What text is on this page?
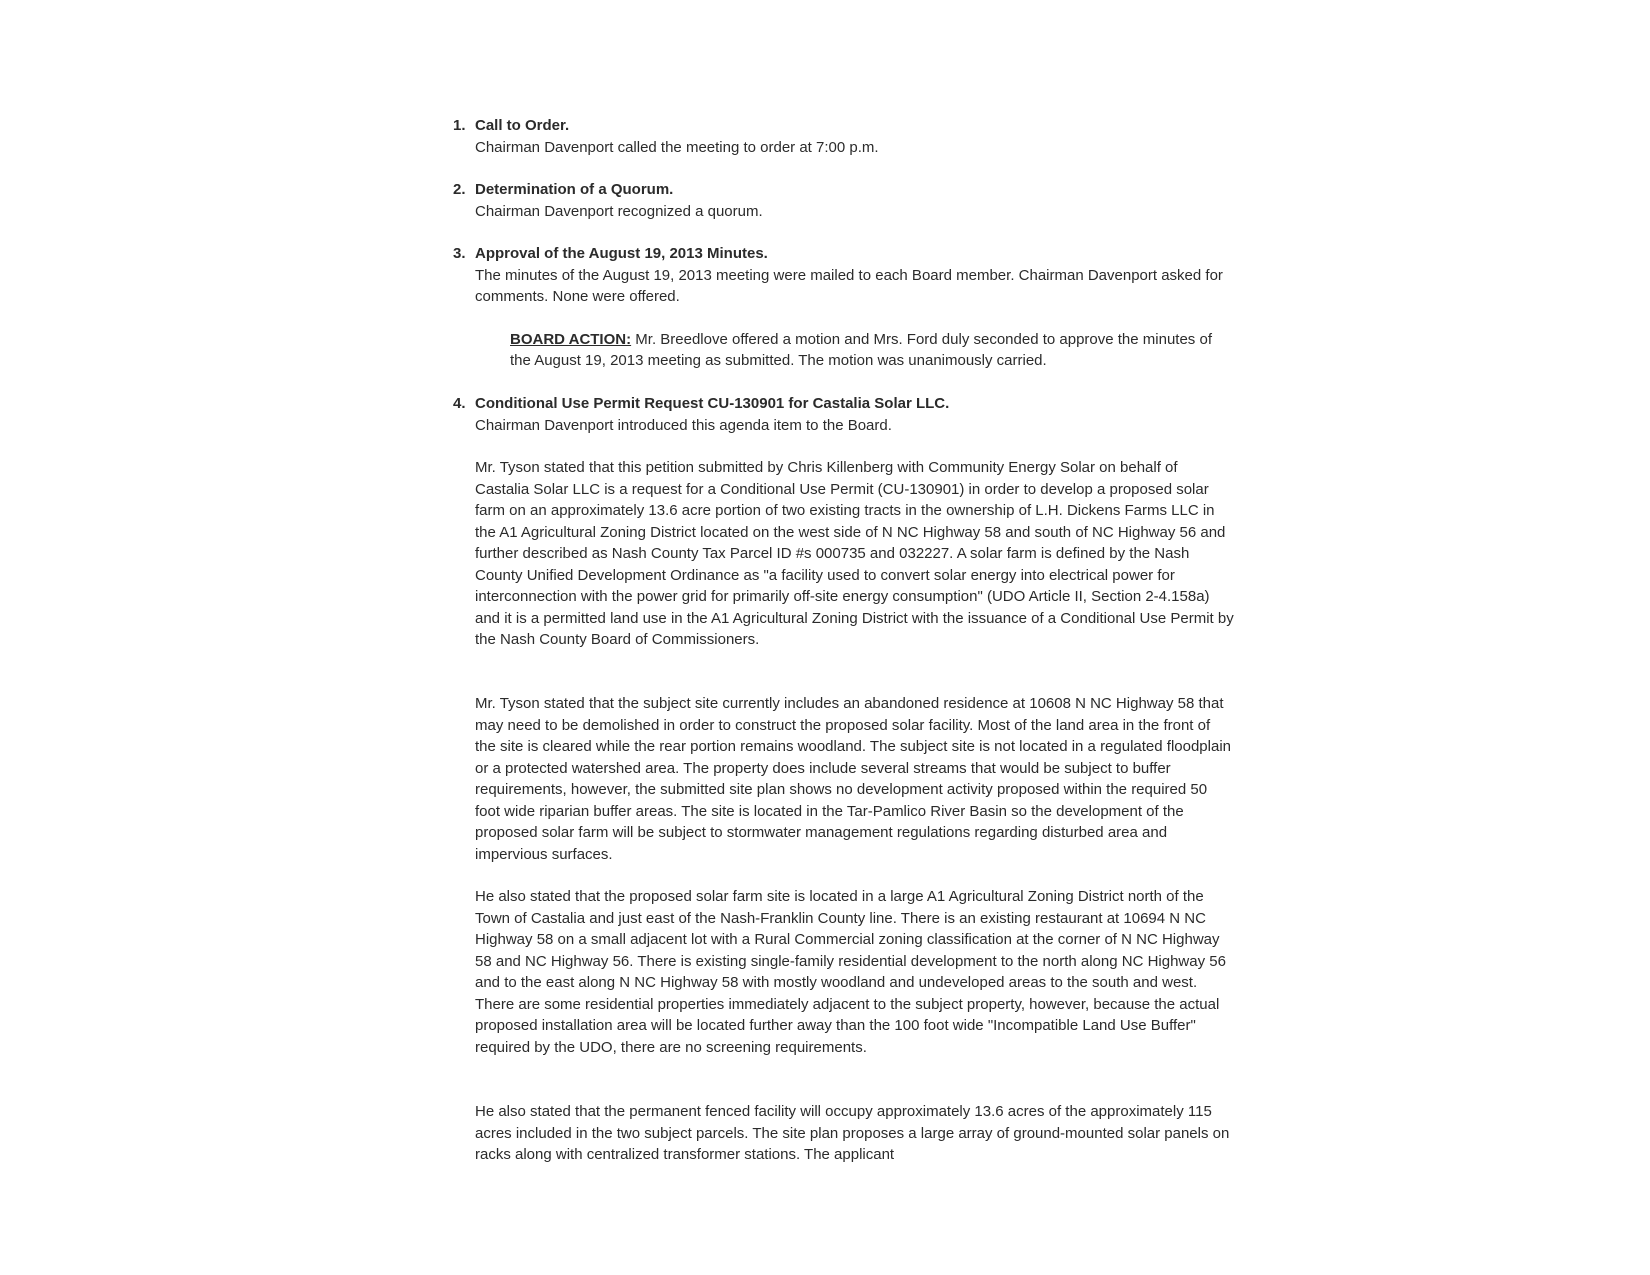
1. Call to Order.

Chairman Davenport called the meeting to order at 7:00 p.m.

2. Determination of a Quorum.

Chairman Davenport recognized a quorum.

3. Approval of the August 19, 2013 Minutes.

The minutes of the August 19, 2013 meeting were mailed to each Board member. Chairman Davenport asked for comments. None were offered.

BOARD ACTION: Mr. Breedlove offered a motion and Mrs. Ford duly seconded to approve the minutes of the August 19, 2013 meeting as submitted. The motion was unanimously carried.

4. Conditional Use Permit Request CU-130901 for Castalia Solar LLC.

Chairman Davenport introduced this agenda item to the Board.

Mr. Tyson stated that this petition submitted by Chris Killenberg with Community Energy Solar on behalf of Castalia Solar LLC is a request for a Conditional Use Permit (CU-130901) in order to develop a proposed solar farm on an approximately 13.6 acre portion of two existing tracts in the ownership of L.H. Dickens Farms LLC in the A1 Agricultural Zoning District located on the west side of N NC Highway 58 and south of NC Highway 56 and further described as Nash County Tax Parcel ID #s 000735 and 032227. A solar farm is defined by the Nash County Unified Development Ordinance as "a facility used to convert solar energy into electrical power for interconnection with the power grid for primarily off-site energy consumption" (UDO Article II, Section 2-4.158a) and it is a permitted land use in the A1 Agricultural Zoning District with the issuance of a Conditional Use Permit by the Nash County Board of Commissioners.

Mr. Tyson stated that the subject site currently includes an abandoned residence at 10608 N NC Highway 58 that may need to be demolished in order to construct the proposed solar facility. Most of the land area in the front of the site is cleared while the rear portion remains woodland. The subject site is not located in a regulated floodplain or a protected watershed area. The property does include several streams that would be subject to buffer requirements, however, the submitted site plan shows no development activity proposed within the required 50 foot wide riparian buffer areas. The site is located in the Tar-Pamlico River Basin so the development of the proposed solar farm will be subject to stormwater management regulations regarding disturbed area and impervious surfaces.

He also stated that the proposed solar farm site is located in a large A1 Agricultural Zoning District north of the Town of Castalia and just east of the Nash-Franklin County line. There is an existing restaurant at 10694 N NC Highway 58 on a small adjacent lot with a Rural Commercial zoning classification at the corner of N NC Highway 58 and NC Highway 56. There is existing single-family residential development to the north along NC Highway 56 and to the east along N NC Highway 58 with mostly woodland and undeveloped areas to the south and west. There are some residential properties immediately adjacent to the subject property, however, because the actual proposed installation area will be located further away than the 100 foot wide "Incompatible Land Use Buffer" required by the UDO, there are no screening requirements.

He also stated that the permanent fenced facility will occupy approximately 13.6 acres of the approximately 115 acres included in the two subject parcels. The site plan proposes a large array of ground-mounted solar panels on racks along with centralized transformer stations. The applicant
